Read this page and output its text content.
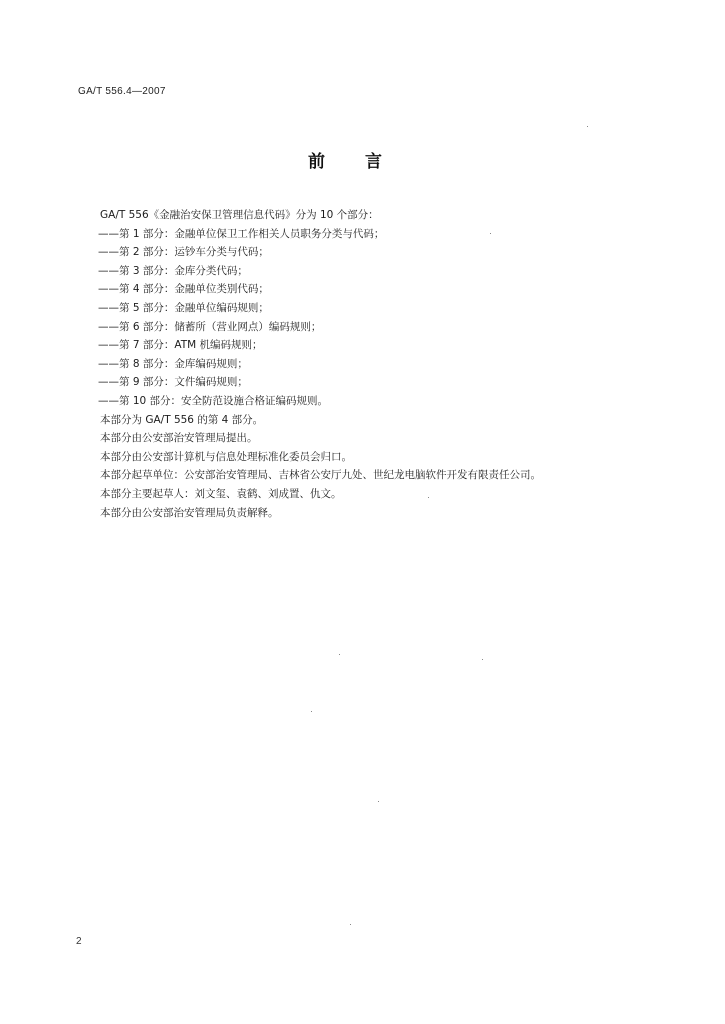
GA/T 556.4—2007
前言
GA/T 556《金融治安保卫管理信息代码》分为 10 个部分：
——第 1 部分：金融单位保卫工作相关人员职务分类与代码；
——第 2 部分：运钞车分类与代码；
——第 3 部分：金库分类代码；
——第 4 部分：金融单位类别代码；
——第 5 部分：金融单位编码规则；
——第 6 部分：储蓄所（营业网点）编码规则；
——第 7 部分：ATM 机编码规则；
——第 8 部分：金库编码规则；
——第 9 部分：文件编码规则；
——第 10 部分：安全防范设施合格证编码规则。
本部分为 GA/T 556 的第 4 部分。
本部分由公安部治安管理局提出。
本部分由公安部计算机与信息处理标准化委员会归口。
本部分起草单位：公安部治安管理局、吉林省公安厅九处、世纪龙电脑软件开发有限责任公司。
本部分主要起草人：刘文玺、袁鹤、刘成置、仇文。
本部分由公安部治安管理局负责解释。
2
